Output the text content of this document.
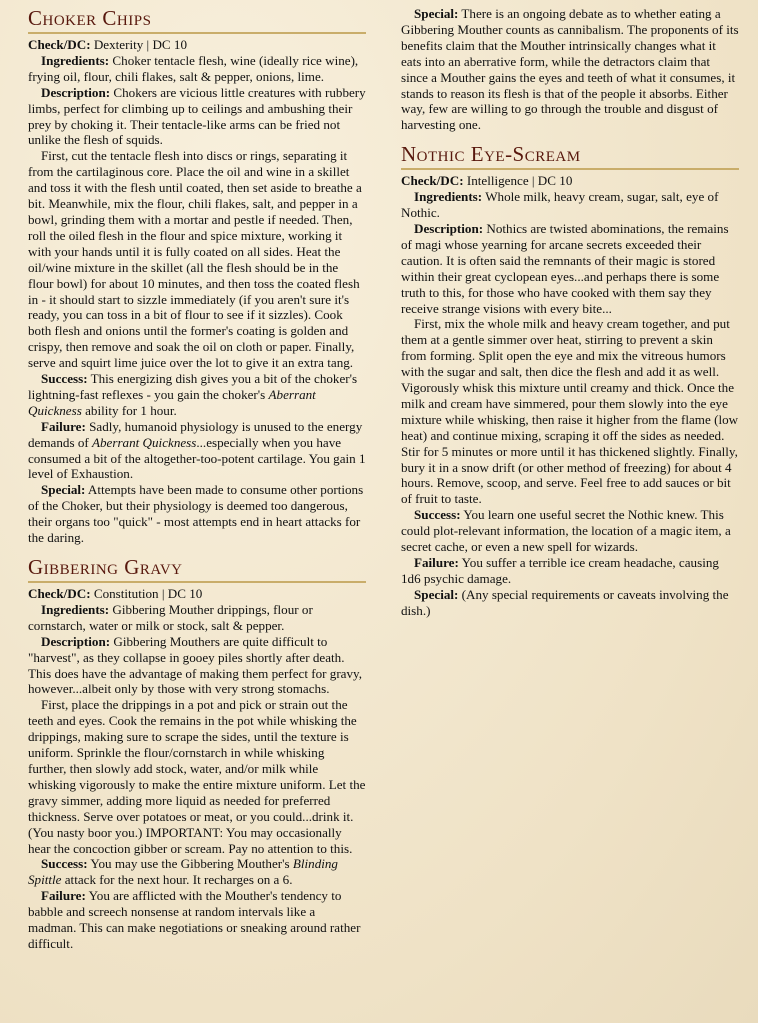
Choker Chips

Check/DC: Dexterity | DC 10

Ingredients: Choker tentacle flesh, wine (ideally rice wine), frying oil, flour, chili flakes, salt & pepper, onions, lime.

Description: Chokers are vicious little creatures with rubbery limbs, perfect for climbing up to ceilings and ambushing their prey by choking it. Their tentacle-like arms can be fried not unlike the flesh of squids.

First, cut the tentacle flesh into discs or rings, separating it from the cartilaginous core. Place the oil and wine in a skillet and toss it with the flesh until coated, then set aside to breathe a bit. Meanwhile, mix the flour, chili flakes, salt, and pepper in a bowl, grinding them with a mortar and pestle if needed. Then, roll the oiled flesh in the flour and spice mixture, working it with your hands until it is fully coated on all sides. Heat the oil/wine mixture in the skillet (all the flesh should be in the flour bowl) for about 10 minutes, and then toss the coated flesh in - it should start to sizzle immediately (if you aren't sure it's ready, you can toss in a bit of flour to see if it sizzles). Cook both flesh and onions until the former's coating is golden and crispy, then remove and soak the oil on cloth or paper. Finally, serve and squirt lime juice over the lot to give it an extra tang.

Success: This energizing dish gives you a bit of the choker's lightning-fast reflexes - you gain the choker's Aberrant Quickness ability for 1 hour.

Failure: Sadly, humanoid physiology is unused to the energy demands of Aberrant Quickness...especially when you have consumed a bit of the altogether-too-potent cartilage. You gain 1 level of Exhaustion.

Special: Attempts have been made to consume other portions of the Choker, but their physiology is deemed too dangerous, their organs too "quick" - most attempts end in heart attacks for the daring.

Gibbering Gravy

Check/DC: Constitution | DC 10

Ingredients: Gibbering Mouther drippings, flour or cornstarch, water or milk or stock, salt & pepper.

Description: Gibbering Mouthers are quite difficult to "harvest", as they collapse in gooey piles shortly after death. This does have the advantage of making them perfect for gravy, however...albeit only by those with very strong stomachs.

First, place the drippings in a pot and pick or strain out the teeth and eyes. Cook the remains in the pot while whisking the drippings, making sure to scrape the sides, until the texture is uniform. Sprinkle the flour/cornstarch in while whisking further, then slowly add stock, water, and/or milk while whisking vigorously to make the entire mixture uniform. Let the gravy simmer, adding more liquid as needed for preferred thickness. Serve over potatoes or meat, or you could...drink it. (You nasty boor you.) IMPORTANT: You may occasionally hear the concoction gibber or scream. Pay no attention to this.

Success: You may use the Gibbering Mouther's Blinding Spittle attack for the next hour. It recharges on a 6.

Failure: You are afflicted with the Mouther's tendency to babble and screech nonsense at random intervals like a madman. This can make negotiations or sneaking around rather difficult.

Special: There is an ongoing debate as to whether eating a Gibbering Mouther counts as cannibalism. The proponents of its benefits claim that the Mouther intrinsically changes what it eats into an aberrative form, while the detractors claim that since a Mouther gains the eyes and teeth of what it consumes, it stands to reason its flesh is that of the people it absorbs. Either way, few are willing to go through the trouble and disgust of harvesting one.

Nothic Eye-Scream

Check/DC: Intelligence | DC 10

Ingredients: Whole milk, heavy cream, sugar, salt, eye of Nothic.

Description: Nothics are twisted abominations, the remains of magi whose yearning for arcane secrets exceeded their caution. It is often said the remnants of their magic is stored within their great cyclopean eyes...and perhaps there is some truth to this, for those who have cooked with them say they receive strange visions with every bite...

First, mix the whole milk and heavy cream together, and put them at a gentle simmer over heat, stirring to prevent a skin from forming. Split open the eye and mix the vitreous humors with the sugar and salt, then dice the flesh and add it as well. Vigorously whisk this mixture until creamy and thick. Once the milk and cream have simmered, pour them slowly into the eye mixture while whisking, then raise it higher from the flame (low heat) and continue mixing, scraping it off the sides as needed. Stir for 5 minutes or more until it has thickened slightly. Finally, bury it in a snow drift (or other method of freezing) for about 4 hours. Remove, scoop, and serve. Feel free to add sauces or bit of fruit to taste.

Success: You learn one useful secret the Nothic knew. This could plot-relevant information, the location of a magic item, a secret cache, or even a new spell for wizards.

Failure: You suffer a terrible ice cream headache, causing 1d6 psychic damage.

Special: (Any special requirements or caveats involving the dish.)
